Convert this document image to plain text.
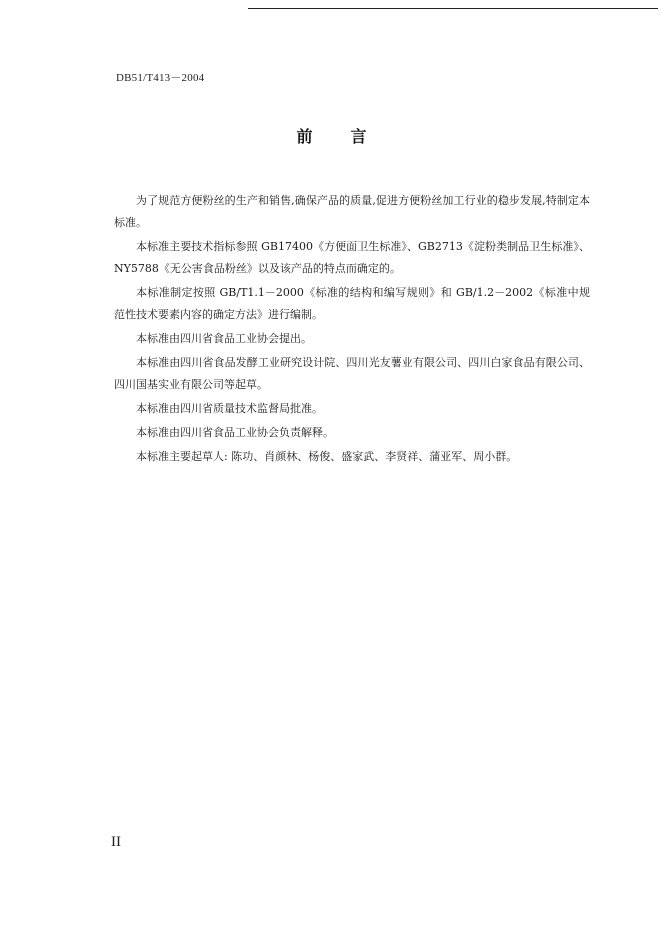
DB51/T413－2004
前 言

为了规范方便粉丝的生产和销售,确保产品的质量,促进方便粉丝加工行业的稳步发展,特制定本标准。

本标准主要技术指标参照 GB17400《方便面卫生标准》、GB2713《淀粉类制品卫生标准》、NY5788《无公害食品粉丝》以及该产品的特点而确定的。

本标准制定按照 GB/T1.1－2000《标准的结构和编写规则》和 GB/1.2－2002《标准中规范性技术要素内容的确定方法》进行编制。

本标准由四川省食品工业协会提出。

本标准由四川省食品发酵工业研究设计院、四川光友薯业有限公司、四川白家食品有限公司、四川国基实业有限公司等起草。

本标准由四川省质量技术监督局批准。

本标准由四川省食品工业协会负责解释。

本标准主要起草人: 陈功、肖颜林、杨俊、盛家武、李贤祥、蒲亚军、周小群。

II
